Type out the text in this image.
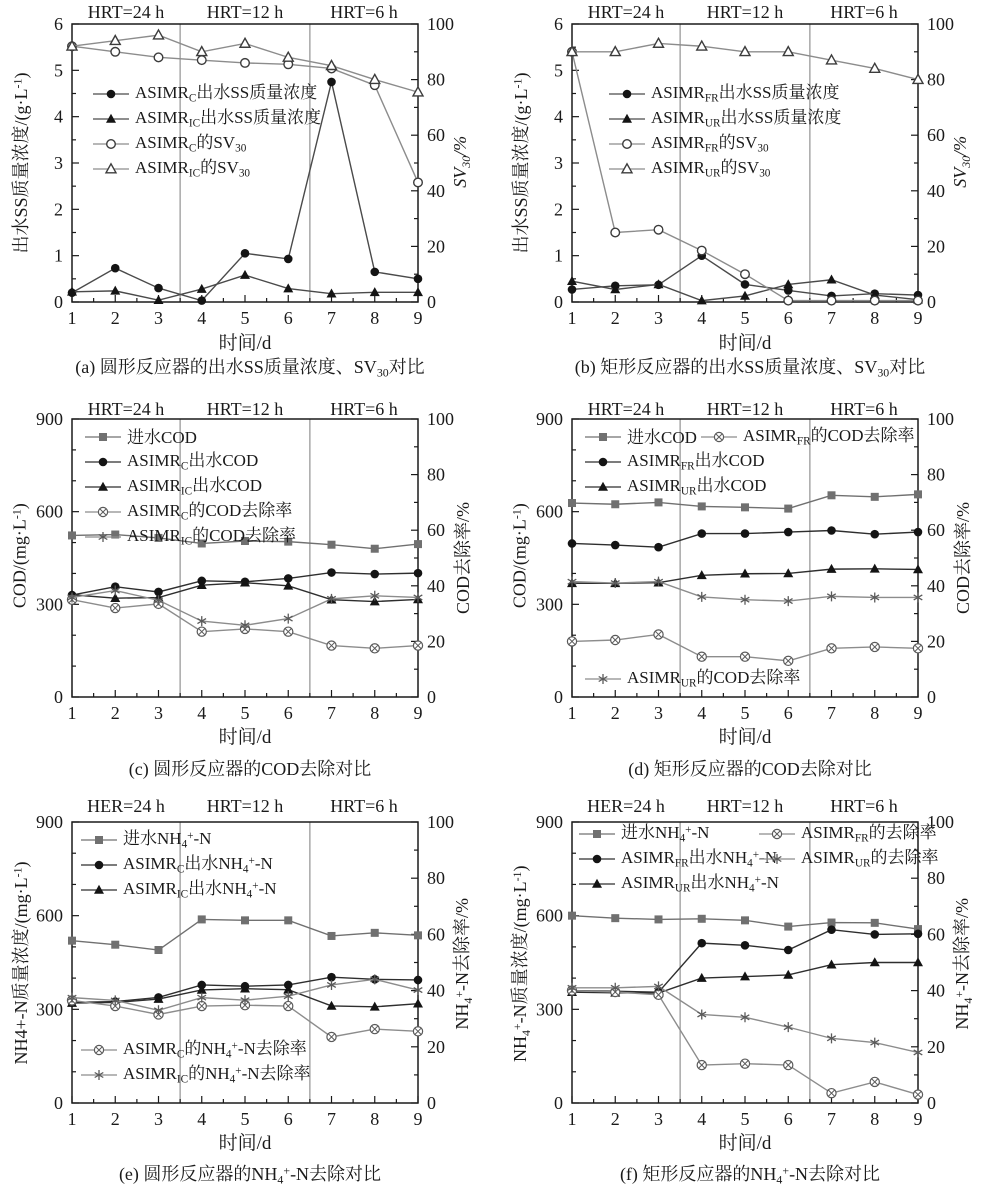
1 2 3 4 5 6 7 8 9
0
1
2
3
4
5
6
0
20
40
60
80
100
HRT=24 h HRT=12 h	HRT=6 h
出水SS质量浓度$/(g\cdot L^{-1})$
$SV_{30}/\%$
时间/d
(a) 圆形反应器的出水SS质量浓度、$SV_{30}$对比
$ASIMR_C$出水SS质量浓度
$ASIMR_{IC}$出水SS质量浓度
$ASIMR_C$的$SV_{30}$
$ASIMR_{IC}$的$SV_{30}$
1 2 3 4 5 6 7 8 9
0
1
2
3
4
5
6
0
20
40
60
80
100
HRT=24 h HRT=12 h	HRT=6 h
出水SS质量浓度$/(g\cdot L^{-1})$
$SV_{30}/\%$
时间/d
(b) 矩形反应器的出水SS质量浓度、$SV_{30}$对比
$ASIMR_{FR}$出水SS质量浓度
$ASIMR_{UR}$出水SS质量浓度
$ASIMR_{FR}$的$SV_{30}$
$ASIMR_{UR}$的$SV_{30}$
1 2 3 4 5 6 7 8 9
0
300
600
900
0
20
40
60
80
100
HRT=24 h HRT=12 h	HRT=6 h
COD/$(mg\cdot L^{-1})$	COD去除率/%
时间/d
(c) 圆形反应器的COD去除对比
进水COD
$ASIMR_C$出水COD
$ASIMR_{IC}$出水COD
$ASIMR_C$的COD去除率
$ASIMR_{IC}$的COD去除率
1 2 3 4 5 6 7 8 9
0
300
600
900
0
20
40
60
80
100
HRT=24 h HRT=12 h	HRT=6 h
COD/$(mg\cdot L^{-1})$	COD去除率/%
时间/d
(d) 矩形反应器的COD去除对比
进水COD
$ASIMR_{FR}$出水COD
$ASIMR_{UR}$出水COD
$ASIMR_{FR}$的COD去除率
$ASIMR_{UR}$的COD去除率
1 2 3 4 5 6 7 8 9
0
300
600
900
0
20
40
60
80
100
HER=24 h HRT=12 h	HRT=6 h
NH4+-N质量浓度$/(mg\cdot L^{-1})$
$NH_4^+-N$去除率/%
时间/d
(e) 圆形反应器的$NH_4^+-N$去除对比
进水$NH_4^+-N$
$ASIMR_C$出水$NH_4^+-N$
$ASIMR_{IC}$出水$NH_4^+-N$
$ASIMR_C$的$NH_4^+-N$去除率
$ASIMR_{IC}$的$NH_4^+-N$去除率
1 2 3 4 5 6 7 8 9
0
300
600
900
0
20
40
60
80
100
HER=24 h HRT=12 h	HRT=6 h
$NH_4^+-N$质量浓度$/(mg\cdot L^{-1})$
$NH_4^+-N$去除率/%
时间/d
(f) 矩形反应器的$NH_4^+-N$去除对比
进水$NH_4^+-N$
$ASIMR_{FR}$出水$NH_4^+-N$
$ASIMR_{UR}$出水$NH_4^+-N$
$ASIMR_{FR}$的去除率
$ASIMR_{UR}$的去除率
